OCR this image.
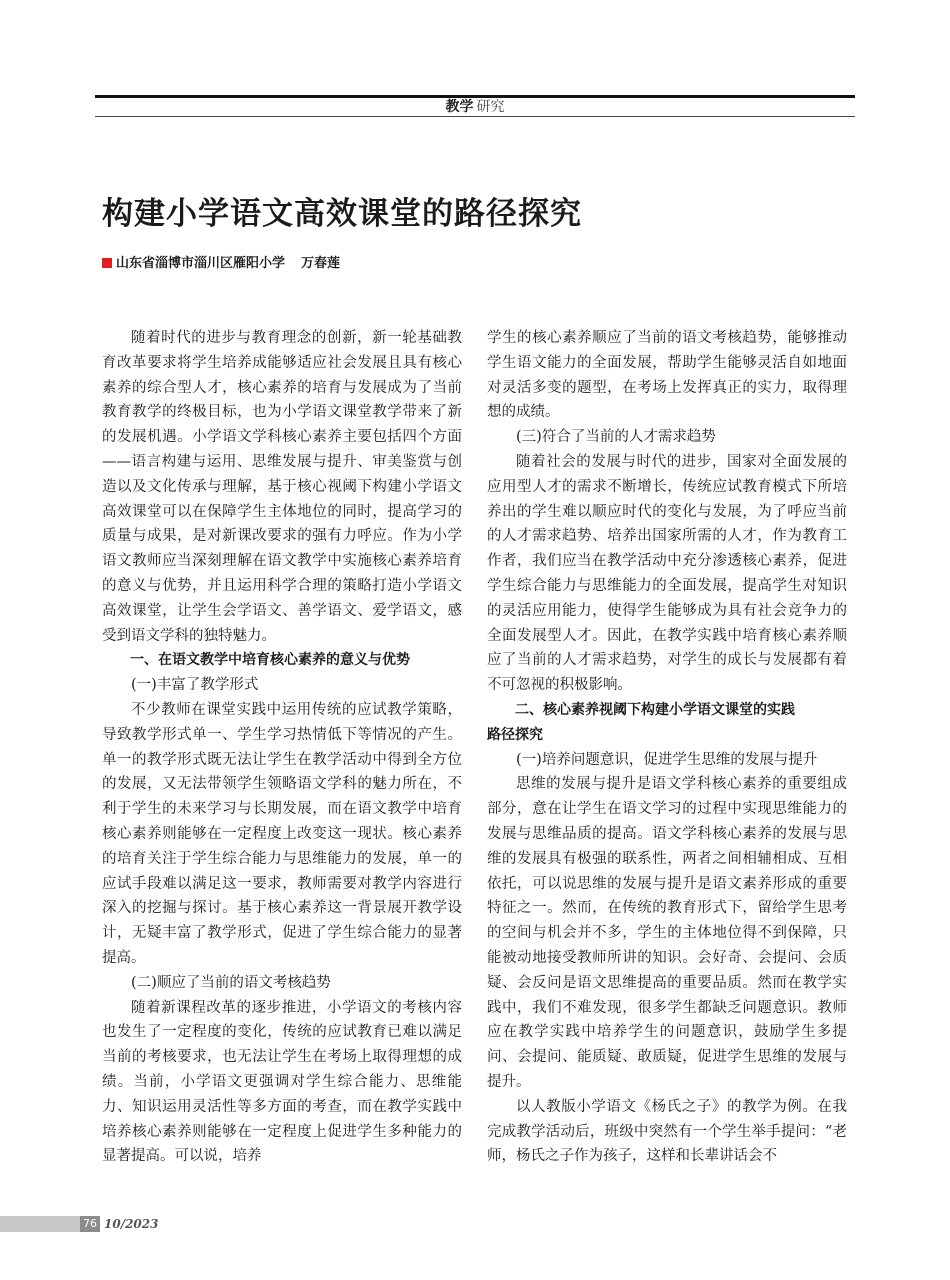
教学 研究
构建小学语文高效课堂的路径探究
山东省淄博市淄川区雁阳小学 万春莲

随着时代的进步与教育理念的创新，新一轮基础教育改革要求将学生培养成能够适应社会发展且具有核心素养的综合型人才，核心素养的培育与发展成为了当前教育教学的终极目标，也为小学语文课堂教学带来了新的发展机遇。小学语文学科核心素养主要包括四个方面——语言构建与运用、思维发展与提升、审美鉴赏与创造以及文化传承与理解，基于核心视阈下构建小学语文高效课堂可以在保障学生主体地位的同时，提高学习的质量与成果，是对新课改要求的强有力呼应。作为小学语文教师应当深刻理解在语文教学中实施核心素养培育的意义与优势，并且运用科学合理的策略打造小学语文高效课堂，让学生会学语文、善学语文、爱学语文，感受到语文学科的独特魅力。

一、在语文教学中培育核心素养的意义与优势

(一)丰富了教学形式

不少教师在课堂实践中运用传统的应试教学策略，导致教学形式单一、学生学习热情低下等情况的产生。单一的教学形式既无法让学生在教学活动中得到全方位的发展，又无法带领学生领略语文学科的魅力所在，不利于学生的未来学习与长期发展，而在语文教学中培育核心素养则能够在一定程度上改变这一现状。核心素养的培育关注于学生综合能力与思维能力的发展，单一的应试手段难以满足这一要求，教师需要对教学内容进行深入的挖掘与探讨。基于核心素养这一背景展开教学设计，无疑丰富了教学形式，促进了学生综合能力的显著提高。

(二)顺应了当前的语文考核趋势

随着新课程改革的逐步推进，小学语文的考核内容也发生了一定程度的变化，传统的应试教育已难以满足当前的考核要求，也无法让学生在考场上取得理想的成绩。当前，小学语文更强调对学生综合能力、思维能力、知识运用灵活性等多方面的考查，而在教学实践中培养核心素养则能够在一定程度上促进学生多种能力的显著提高。可以说，培养

学生的核心素养顺应了当前的语文考核趋势，能够推动学生语文能力的全面发展，帮助学生能够灵活自如地面对灵活多变的题型，在考场上发挥真正的实力，取得理想的成绩。

(三)符合了当前的人才需求趋势

随着社会的发展与时代的进步，国家对全面发展的应用型人才的需求不断增长，传统应试教育模式下所培养出的学生难以顺应时代的变化与发展，为了呼应当前的人才需求趋势、培养出国家所需的人才，作为教育工作者，我们应当在教学活动中充分渗透核心素养，促进学生综合能力与思维能力的全面发展，提高学生对知识的灵活应用能力，使得学生能够成为具有社会竞争力的全面发展型人才。因此，在教学实践中培育核心素养顺应了当前的人才需求趋势，对学生的成长与发展都有着不可忽视的积极影响。

二、核心素养视阈下构建小学语文课堂的实践

路径探究

(一)培养问题意识，促进学生思维的发展与提升

思维的发展与提升是语文学科核心素养的重要组成部分，意在让学生在语文学习的过程中实现思维能力的发展与思维品质的提高。语文学科核心素养的发展与思维的发展具有极强的联系性，两者之间相辅相成、互相依托，可以说思维的发展与提升是语文素养形成的重要特征之一。然而，在传统的教育形式下，留给学生思考的空间与机会并不多，学生的主体地位得不到保障，只能被动地接受教师所讲的知识。会好奇、会提问、会质疑、会反问是语文思维提高的重要品质。然而在教学实践中，我们不难发现，很多学生都缺乏问题意识。教师应在教学实践中培养学生的问题意识，鼓励学生多提问、会提问、能质疑、敢质疑，促进学生思维的发展与提升。

以人教版小学语文《杨氏之子》的教学为例。在我完成教学活动后，班级中突然有一个学生举手提问：“老师，杨氏之子作为孩子，这样和长辈讲话会不

76 10/2023
